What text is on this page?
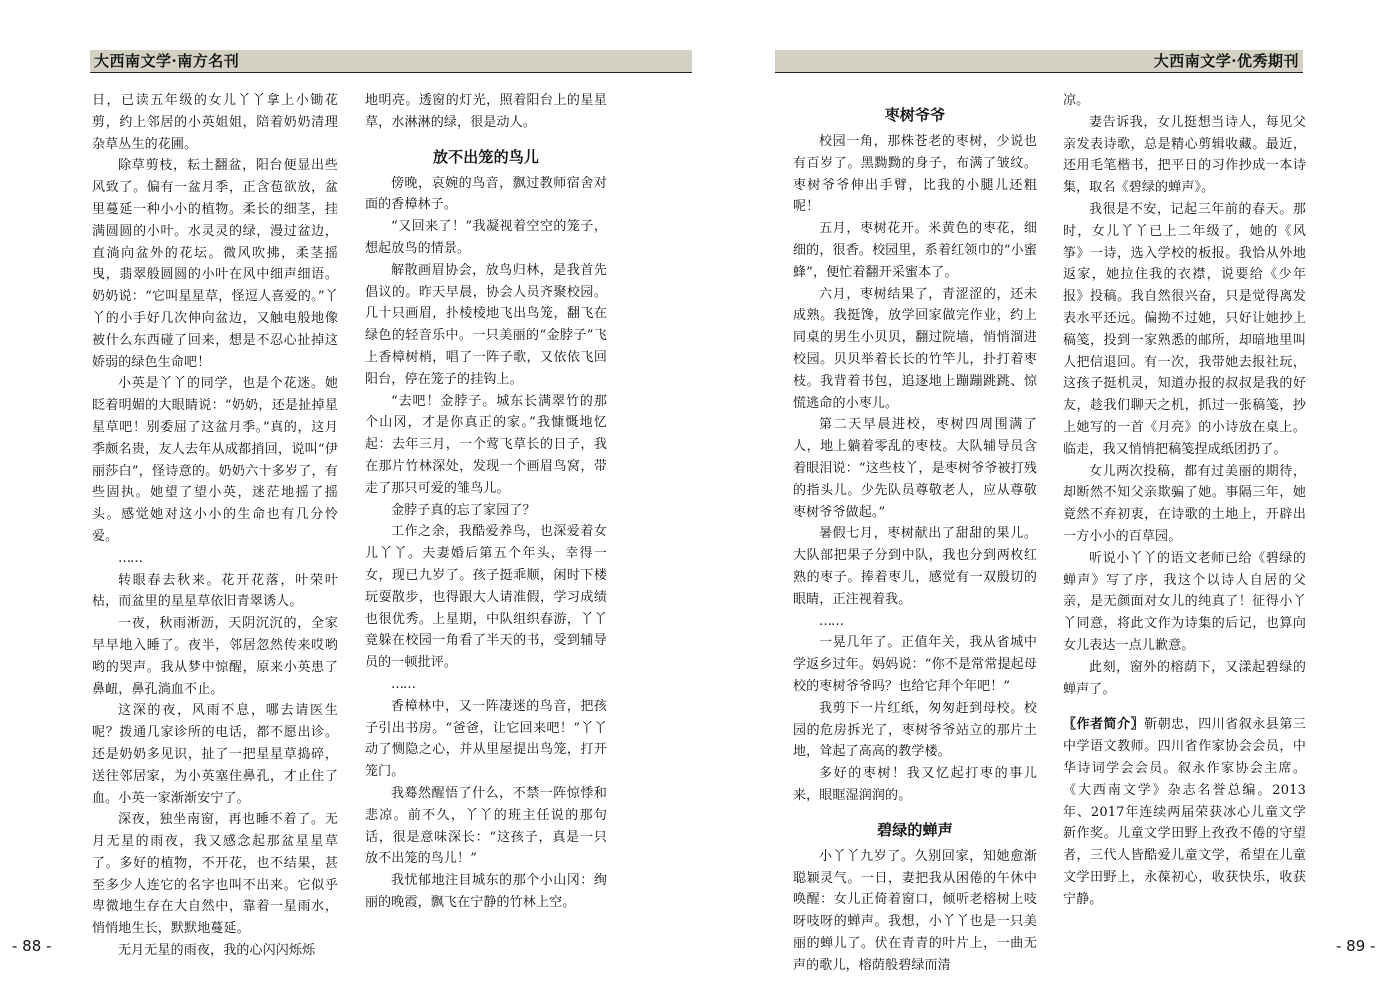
大西南文学·南方名刊	大西南文学·优秀期刊

日，已读五年级的女儿丫丫拿上小锄花剪，约上邻居的小英姐姐，陪着奶奶清理杂草丛生的花圃。

除草剪枝，耘土翻盆，阳台便显出些风致了。偏有一盆月季，正含苞欲放，盆里蔓延一种小小的植物。柔长的细茎，挂满圆圆的小叶。水灵灵的绿，漫过盆边，直淌向盆外的花坛。微风吹拂，柔茎摇曳，翡翠般圆圆的小叶在风中细声细语。奶奶说：“它叫星星草，怪逗人喜爱的。”丫丫的小手好几次伸向盆边，又触电般地像被什么东西碰了回来，想是不忍心扯掉这娇弱的绿色生命吧！

小英是丫丫的同学，也是个花迷。她眨着明媚的大眼睛说：“奶奶，还是扯掉星星草吧！别委屈了这盆月季。”真的，这月季颇名贵，友人去年从成都捎回，说叫“伊丽莎白”，怪诗意的。奶奶六十多岁了，有些固执。她望了望小英，迷茫地摇了摇头。感觉她对这小小的生命也有几分怜爱。

……

转眼春去秋来。花开花落，叶荣叶枯，而盆里的星星草依旧青翠诱人。

一夜，秋雨淅沥，天阴沉沉的，全家早早地入睡了。夜半，邻居忽然传来哎哟哟的哭声。我从梦中惊醒，原来小英患了鼻衄，鼻孔淌血不止。

这深的夜，风雨不息，哪去请医生呢？拨通几家诊所的电话，都不愿出诊。还是奶奶多见识，扯了一把星星草捣碎，送往邻居家，为小英塞住鼻孔，才止住了血。小英一家渐渐安宁了。

深夜，独坐南窗，再也睡不着了。无月无星的雨夜，我又感念起那盆星星草了。多好的植物，不开花，也不结果，甚至多少人连它的名字也叫不出来。它似乎卑微地生存在大自然中，靠着一星雨水，悄悄地生长，默默地蔓延。

无月无星的雨夜，我的心闪闪烁烁

地明亮。透窗的灯光，照着阳台上的星星草，水淋淋的绿，很是动人。

放不出笼的鸟儿

傍晚，哀婉的鸟音，飘过教师宿舍对面的香樟林子。

“又回来了！”我凝视着空空的笼子，想起放鸟的情景。

解散画眉协会，放鸟归林，是我首先倡议的。昨天早晨，协会人员齐聚校园。几十只画眉，扑棱棱地飞出鸟笼，翻飞在绿色的轻音乐中。一只美丽的“金脖子”飞上香樟树梢，唱了一阵子歌，又依依飞回阳台，停在笼子的挂钩上。

“去吧！金脖子。城东长满翠竹的那个山冈，才是你真正的家。”我慷慨地忆起：去年三月，一个莺飞草长的日子，我在那片竹林深处，发现一个画眉鸟窝，带走了那只可爱的雏鸟儿。

金脖子真的忘了家园了？

工作之余，我酷爱养鸟，也深爱着女儿丫丫。夫妻婚后第五个年头，幸得一女，现已九岁了。孩子挺乖顺，闲时下楼玩耍散步，也得跟大人请准假，学习成绩也很优秀。上星期，中队组织春游，丫丫竟躲在校园一角看了半天的书，受到辅导员的一顿批评。

……

香樟林中，又一阵凄迷的鸟音，把孩子引出书房。“爸爸，让它回来吧！”丫丫动了恻隐之心，并从里屋提出鸟笼，打开笼门。

我蓦然醒悟了什么，不禁一阵惊悸和悲凉。前不久，丫丫的班主任说的那句话，很是意味深长：“这孩子，真是一只放不出笼的鸟儿！”

我忧郁地注目城东的那个小山冈：绚丽的晚霞，飘飞在宁静的竹林上空。

枣树爷爷

校园一角，那株苍老的枣树，少说也有百岁了。黑黝黝的身子，布满了皱纹。枣树爷爷伸出手臂，比我的小腿儿还粗呢！

五月，枣树花开。米黄色的枣花，细细的，很香。校园里，系着红领巾的“小蜜蜂”，便忙着翻开采蜜本了。

六月，枣树结果了，青涩涩的，还未成熟。我挺馋，放学回家做完作业，约上同桌的男生小贝贝，翻过院墙，悄悄溜进校园。贝贝举着长长的竹竿儿，扑打着枣枝。我背着书包，追逐地上蹦蹦跳跳、惊慌逃命的小枣儿。

第二天早晨进校，枣树四周围满了人，地上躺着零乱的枣枝。大队辅导员含着眼泪说：“这些枝丫，是枣树爷爷被打残的指头儿。少先队员尊敬老人，应从尊敬枣树爷爷做起。”

暑假七月，枣树献出了甜甜的果儿。大队部把果子分到中队，我也分到两枚红熟的枣子。捧着枣儿，感觉有一双殷切的眼睛，正注视着我。

……

一晃几年了。正值年关，我从省城中学返乡过年。妈妈说：“你不是常常提起母校的枣树爷爷吗？也给它拜个年吧！”

我剪下一片红纸，匆匆赶到母校。校园的危房拆光了，枣树爷爷站立的那片土地，耸起了高高的教学楼。

多好的枣树！我又忆起打枣的事儿来，眼眶湿润润的。

碧绿的蝉声

小丫丫九岁了。久别回家，知她愈渐聪颖灵气。一日，妻把我从困倦的午休中唤醒：女儿正倚着窗口，倾听老榕树上吱呀吱呀的蝉声。我想，小丫丫也是一只美丽的蝉儿了。伏在青青的叶片上，一曲无声的歌儿，榕荫般碧绿而清

凉。

妻告诉我，女儿挺想当诗人，每见父亲发表诗歌，总是精心剪辑收藏。最近，还用毛笔楷书，把平日的习作抄成一本诗集，取名《碧绿的蝉声》。

我很是不安，记起三年前的春天。那时，女儿丫丫已上二年级了，她的《风筝》一诗，选入学校的板报。我恰从外地返家，她拉住我的衣襟，说要给《少年报》投稿。我自然很兴奋，只是觉得离发表水平还远。偏拗不过她，只好让她抄上稿笺，投到一家熟悉的邮所，却暗地里叫人把信退回。有一次，我带她去报社玩，这孩子挺机灵，知道办报的叔叔是我的好友，趁我们聊天之机，抓过一张稿笺，抄上她写的一首《月亮》的小诗放在桌上。临走，我又悄悄把稿笺捏成纸团扔了。

女儿两次投稿，都有过美丽的期待，却断然不知父亲欺骗了她。事隔三年，她竟然不弃初衷，在诗歌的土地上，开辟出一方小小的百草园。

听说小丫丫的语文老师已给《碧绿的蝉声》写了序，我这个以诗人自居的父亲，是无颜面对女儿的纯真了！征得小丫丫同意，将此文作为诗集的后记，也算向女儿表达一点儿歉意。

此刻，窗外的榕荫下，又漾起碧绿的蝉声了。

〖作者简介〗靳朝忠，四川省叙永县第三中学语文教师。四川省作家协会会员，中华诗词学会会员。叙永作家协会主席。《大西南文学》杂志名誉总编。2013年、2017年连续两届荣获冰心儿童文学新作奖。儿童文学田野上孜孜不倦的守望者，三代人皆酷爱儿童文学，希望在儿童文学田野上，永葆初心，收获快乐，收获宁静。

- 88 -	- 89 -
